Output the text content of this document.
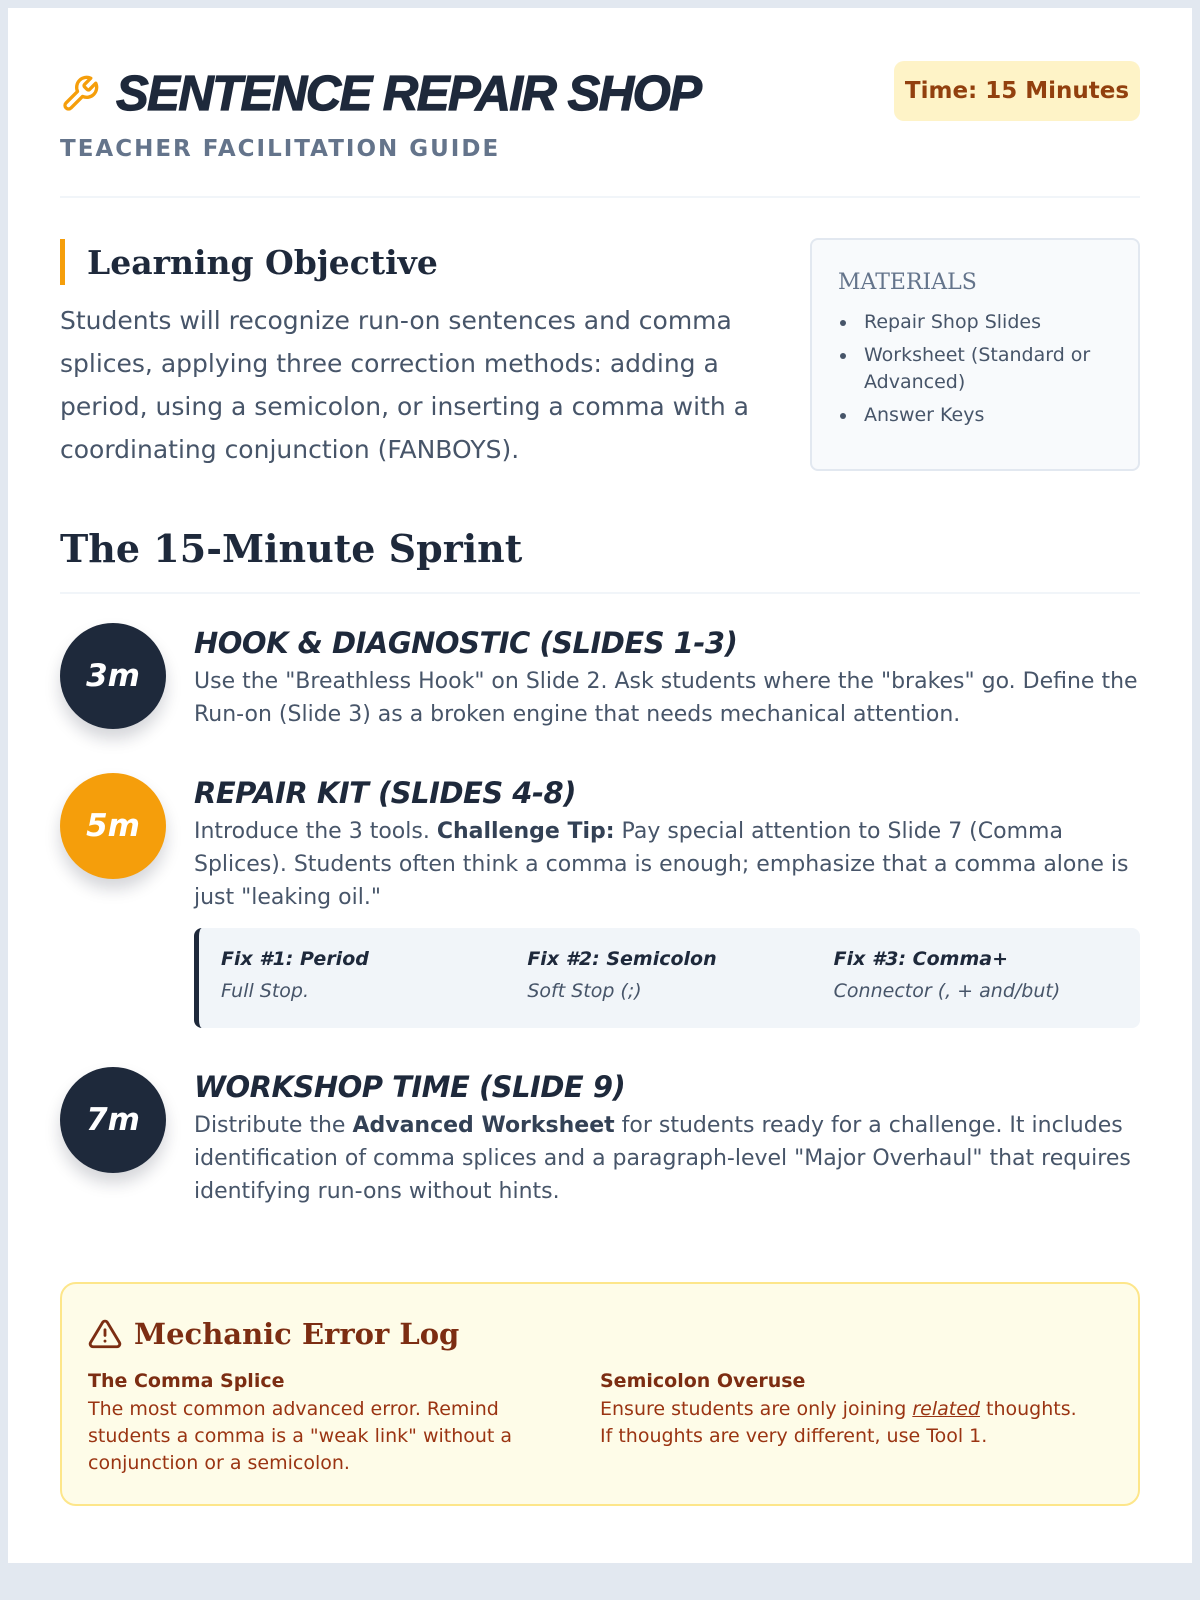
SENTENCE REPAIR SHOP
TEACHER FACILITATION GUIDE
Time: 15 Minutes
Learning Objective

Students will recognize run-on sentences and comma splices, applying three correction methods: adding a period, using a semicolon, or inserting a comma with a coordinating conjunction (FANBOYS).

MATERIALS
Repair Shop Slides
Worksheet (Standard or Advanced)
Answer Keys
The 15-Minute Sprint
3m
HOOK & DIAGNOSTIC (SLIDES 1-3)

Use the "Breathless Hook" on Slide 2. Ask students where the "brakes" go. Define the Run-on (Slide 3) as a broken engine that needs mechanical attention.

5m
REPAIR KIT (SLIDES 4-8)

Introduce the 3 tools. Challenge Tip: Pay special attention to Slide 7 (Comma Splices). Students often think a comma is enough; emphasize that a comma alone is just "leaking oil."

Fix #1: Period
Full Stop.
Fix #2: Semicolon
Soft Stop (;)
Fix #3: Comma+
Connector (, + and/but)
7m
WORKSHOP TIME (SLIDE 9)

Distribute the Advanced Worksheet for students ready for a challenge. It includes identification of comma splices and a paragraph-level "Major Overhaul" that requires identifying run-ons without hints.

Mechanic Error Log
The Comma Splice
The most common advanced error. Remind students a comma is a "weak link" without a conjunction or a semicolon.
Semicolon Overuse
Ensure students are only joining related thoughts. If thoughts are very different, use Tool 1.
